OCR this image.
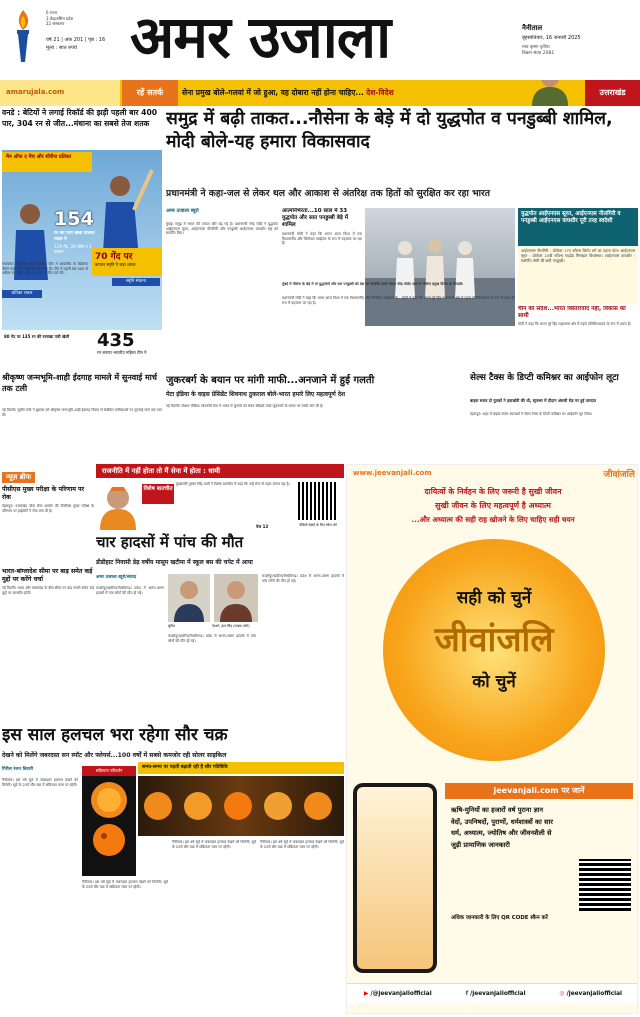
6 राज्य
3 केंद्रशासित प्रदेश
22 संस्करण
वर्ष 21 | अंक 201 | पृष्ठ : 16
मूल्य : सात रुपये अमर उजाला	नैनीताल
बृहस्पतिवार, 16 जनवरी 2025
माघ कृष्ण तृतीया
विक्रम संवत 2081
amarujala.com	रहें सतर्क	सेना प्रमुख बोले–गलवां में जो हुआ, वह दोबारा नहीं होना चाहिए... देश-विदेश	उत्तराखंड
वनडे : बेटियों ने लगाई रिकॉर्ड की झड़ी पहली बार 400 पार, 304 रन से जीत...मंधाना का सबसे तेज शतक
मैन ऑफ द मैच और सीरीज प्रतिका
154
रन की पारी खेली प्रतिका रावल ने
129 गेंद, 20 चौके व 1 छक्का
प्रतिका रावल
स्मृति मंधाना
70 गेंद पर
कप्तान स्मृति ने जड़ा शतक
80 गेंद पर 135 रन की रनवाद्या पारी खेली	435
रन बनाया भारतीय महिला टीम ने
राजकोट। भारतीय महिला क्रिकेट टीम ने आयरलैंड के खिलाफ तीसरे वनडे में रिकॉर्डों की झड़ी लगा दी। टीम ने पहली बार 400 से अधिक रन बनाए और 304 रन से जीत दर्ज की।
समुद्र में बढ़ी ताकत...नौसेना के बेड़े में दो युद्धपोत व पनडुब्बी शामिल, मोदी बोले-यह हमारा विकासवाद
प्रधानमंत्री ने कहा-जल से लेकर थल और आकाश से अंतरिक्ष तक हितों को सुरक्षित कर रहा भारत
अमर उजाला ब्यूरो
मुंबई। समुद्र में भारत की ताकत और बढ़ गई है। प्रधानमंत्री नरेंद्र मोदी ने युद्धपोत आईएनएस सूरत, आईएनएस नीलगिरी और पनडुब्बी आईएनएस वाघशीर राष्ट्र को समर्पित किए।
आत्मनिर्भरता...10 साल में 33 युद्धपोत और सात पनडुब्बी बेड़े में शामिल
प्रधानमंत्री मोदी ने कहा कि भारत आज विश्व में एक विश्वसनीय और जिम्मेदार साझेदार के रूप में पहचाना जा रहा है।
मुंबई में नौसेना के बेड़े में दो युद्धपोतों और एक पनडुब्बी को देश को समर्पित करते पीएम नरेंद्र मोदी। साथ में नौसेना प्रमुख दिनेश के त्रिपाठी।
प्रधानमंत्री मोदी ने कहा कि भारत आज विश्व में एक विश्वसनीय और जिम्मेदार साझेदार के रूप में पहचाना जा रहा है।
मोदी ने कहा कि भारत पूरे हिंद महासागर क्षेत्र में पहले प्रतिक्रियादाता के रूप में उभरा है।
युद्धपोत आईएनएस सूरत, आईएनएस नीलगिरी व पनडुब्बी आईएनएस वाघशीर पूरी तरह स्वदेशी
आईएनएस नीलगिरी : प्रोजेक्ट 17ए स्टील्थ फ्रिगेट वर्ग का पहला पोत। आईएनएस सूरत : प्रोजेक्ट 15बी स्टील्थ गाइडेड मिसाइल विध्वंसक। आईएनएस वाघशीर : स्कॉर्पीन श्रेणी की छठी पनडुब्बी।
चीन को संदेश...भारत विस्तारवाद नहीं, विकास का साथी
मोदी ने कहा कि भारत पूरे हिंद महासागर क्षेत्र में पहले प्रतिक्रियादाता के रूप में उभरा है।
श्रीकृष्ण जन्मभूमि-शाही ईदगाह मामले में सुनवाई मार्च तक टली
नई दिल्ली। सुप्रीम कोर्ट ने बुधवार को श्रीकृष्ण जन्मभूमि-शाही ईदगाह विवाद से संबंधित याचिकाओं पर सुनवाई मार्च तक टाल दी।
जुकरबर्ग के बयान पर मांगी माफी...अनजाने में हुई गलती
मेटा इंडिया के वाइस प्रेसिडेंट शिवनाथ ठुकराल बोले-भारत हमारे लिए महत्वपूर्ण देश
नई दिल्ली। सोशल मीडिया प्लेटफॉर्म मेटा ने भारत में चुनावों को लेकर सीईओ मार्क जुकरबर्ग के बयान पर माफी मांग ली है।
सेल्स टैक्स के डिप्टी कमिश्नर का आईफोन लूटा
बाइक सवार दो युवकों ने हवाखोरी की थी, स्ट्रक्चर में दीदान अंसारी रोड पर हुई वारदात
देहरादून। शहर में बाइक सवार बदमाशों ने सेल्स टैक्स के डिप्टी कमिश्नर का आईफोन लूट लिया।
न्यूज़ ब्रीफ
पीसीएस मुख्य परीक्षा के परिणाम पर रोक
देहरादून। उत्तराखंड लोक सेवा आयोग की पीसीएस मुख्य परीक्षा के परिणाम पर हाईकोर्ट ने रोक लगा दी है।
भारत-बांग्लादेश सीमा पर बाड़ समेत कई मुद्दों पर करेंगे चर्चा
नई दिल्ली। भारत और बांग्लादेश के बीच सीमा पर बाड़ लगाने समेत कई मुद्दों पर बातचीत होगी।
राजनीति में नहीं होता तो मैं सेना में होता : धामी
विशेष बातचीत
मुख्यमंत्री पुष्कर सिंह धामी ने विशेष बातचीत में कहा कि उन्हें सेना से गहरा लगाव रहा है।
वीडियो देखने के लिए स्कैन करें
पेज 13
चार हादसों में पांच की मौत
डीडीहाट निवासी डेढ़ वर्षीय मासूम खटीमा में स्कूल बस की चपेट में आया
अमर उजाला ब्यूरो/संवाद
काशीपुर/खटीमा/पिथौरागढ़। प्रदेश में अलग-अलग हादसों में पांच लोगों की मौत हो गई।
सुमित	ऐश्वर्य, इंटर सिंह (लाइफ कोर्ट)
काशीपुर/खटीमा/पिथौरागढ़। प्रदेश में अलग-अलग हादसों में पांच लोगों की मौत हो गई।
काशीपुर/खटीमा/पिथौरागढ़। प्रदेश में अलग-अलग हादसों में पांच लोगों की मौत हो गई।
इस साल हलचल भरा रहेगा सौर चक्र
देखने को मिलेंगे जबरदस्त सन स्पॉट और फ्लेयर्स...100 वर्षों में सबसे कमजोर रही सोलर साइकिल
गिरीश रंजन तिवारी
नैनीताल। इस वर्ष सूर्य में जबरदस्त हलचल देखने को मिलेगी। सूर्य के 25वें सौर चक्र में सक्रियता चरम पर रहेगी।
सक्रियता परिवर्तन
समय-समय पर पड़ती बढ़ाती रही है सौर गतिविधि
नैनीताल। इस वर्ष सूर्य में जबरदस्त हलचल देखने को मिलेगी। सूर्य के 25वें सौर चक्र में सक्रियता चरम पर रहेगी।
नैनीताल। इस वर्ष सूर्य में जबरदस्त हलचल देखने को मिलेगी। सूर्य के 25वें सौर चक्र में सक्रियता चरम पर रहेगी।
नैनीताल। इस वर्ष सूर्य में जबरदस्त हलचल देखने को मिलेगी। सूर्य के 25वें सौर चक्र में सक्रियता चरम पर रहेगी।
www.jeevanjali.com	जीवांजलि
दायित्वों के निर्वहन के लिए जरूरी है सुखी जीवन
सुखी जीवन के लिए महत्वपूर्ण है अध्यात्म
...और अध्यात्म की सही राह खोजने के लिए चाहिए सही चयन
सही को चुनें
जीवांजलि
को चुनें
jeevanjali.com पर जानें
ऋषि-मुनियों का हजारों वर्ष पुराना ज्ञान
वेदों, उपनिषदों, पुराणों, धर्मशास्त्रों का सार
धर्म, अध्यात्म, ज्योतिष और जीवनशैली से
जुड़ी प्रामाणिक जानकारी
अधिक जानकारी के लिए QR CODE स्कैन करें
▶ /@jeevanjaliofficial	f /jeevanjaliofficial	◎ /jeevanjaliofficial
